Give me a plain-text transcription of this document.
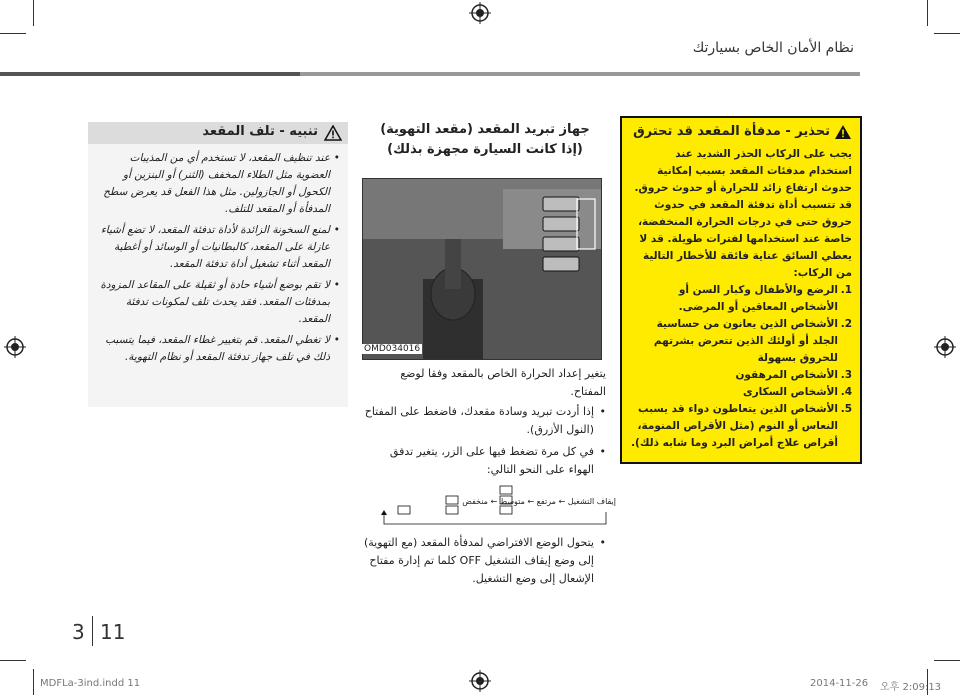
نظام الأمان الخاص بسيارتك
تنبيه - تلف المقعد
• عند تنظيف المقعد، لا تستخدم أي من المذيبات العضوية مثل الطلاء المخفف (الثنر) أو البنزين أو الكحول أو الجازولين. مثل هذا الفعل قد يعرض سطح المدفأة أو المقعد للتلف.
• لمنع السخونة الزائدة لأداة تدفئة المقعد، لا تضع أشياء عازلة على المقعد، كالبطانيات أو الوسائد أو أغطية المقعد أثناء تشغيل أداة تدفئة المقعد.
• لا تقم بوضع أشياء حادة أو ثقيلة على المقاعد المزودة بمدفئات المقعد. فقد يحدث تلف لمكونات تدفئة المقعد.
• لا تغطي المقعد. قم بتغيير غطاء المقعد، فيما يتسبب ذلك في تلف جهاز تدفئة المقعد أو نظام التهوية.
جهاز تبريد المقعد (مقعد التهوية)
(إذا كانت السيارة مجهزة بذلك)
OMD034016

يتغير إعداد الحرارة الخاص بالمقعد وفقا لوضع المفتاح.

• إذا أردت تبريد وسادة مقعدك، فاضغط على المفتاح (النول الأزرق).
• في كل مرة تضغط فيها على الزر، يتغير تدفق الهواء على النحو التالي:
إيقاف التشغيل ← مرتفع ← متوسط ← منخفض
• يتحول الوضع الافتراضي لمدفأة المقعد (مع التهوية) إلى وضع إيقاف التشغيل OFF كلما تم إدارة مفتاح الإشعال إلى وضع التشغيل.
تحذير - مدفأة المقعد قد تحترق

يجب على الركاب الحذر الشديد عند استخدام مدفئات المقعد بسبب إمكانية حدوث ارتفاع زائد للحرارة أو حدوث حروق. قد تتسبب أداة تدفئة المقعد في حدوث حروق حتى في درجات الحرارة المنخفضة، خاصة عند استخدامها لفترات طويلة. قد لا يعطي السائق عناية فائقة للأخطار التالية من الركاب:

1.
الرضع والأطفال وكبار السن أو الأشخاص المعاقين أو المرضى.
2.
الأشخاص الذين يعانون من حساسية الجلد أو أولئك الذين تتعرض بشرتهم للحروق بسهولة
3.
الأشخاص المرهقون
4.
الأشخاص السكارى
5.
الأشخاص الذين يتعاطون دواء قد يسبب النعاس أو النوم (مثل الأقراص المنومة، أقراص علاج أمراض البرد وما شابه ذلك).
3 11
MDFLa-3ind.indd 11	2014-11-26 오후 2:09:13
